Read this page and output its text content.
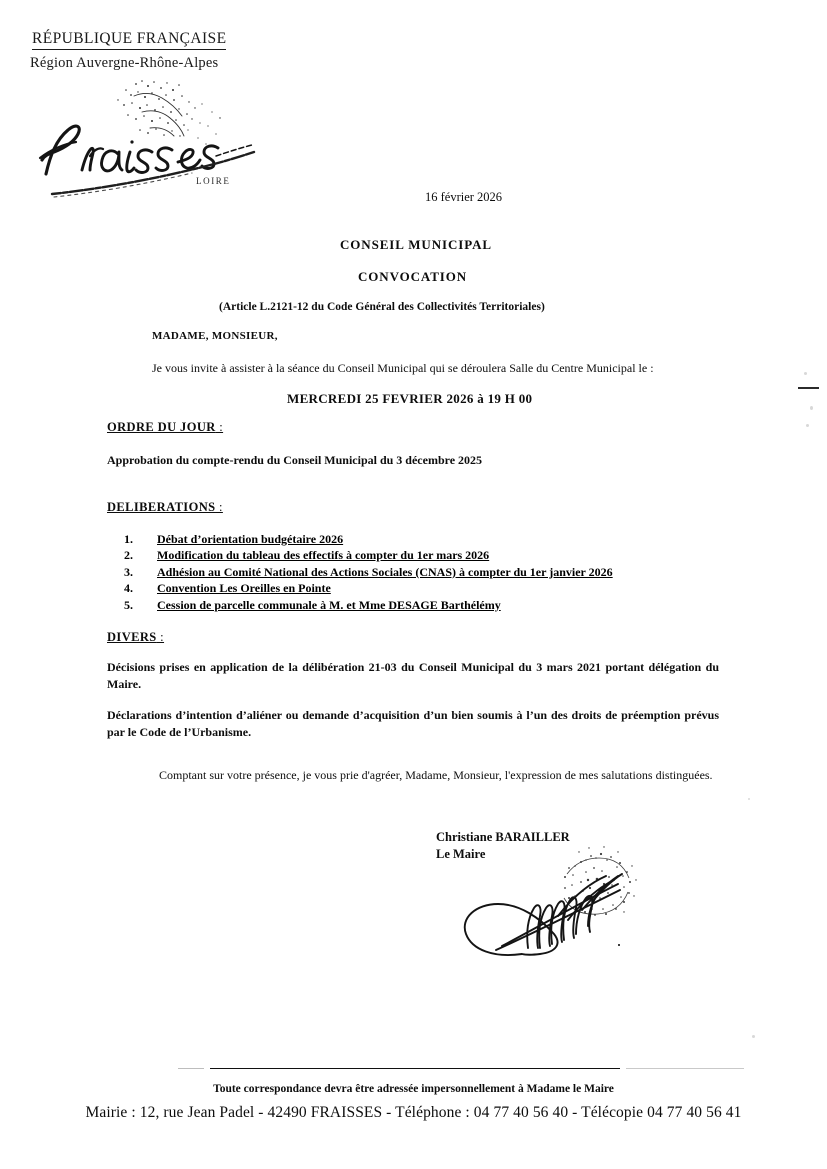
RÉPUBLIQUE FRANÇAISE
Région Auvergne-Rhône-Alpes
LOIRE
16 février 2026
CONSEIL MUNICIPAL
CONVOCATION
(Article L.2121-12 du Code Général des Collectivités Territoriales)
MADAME, MONSIEUR,
Je vous invite à assister à la séance du Conseil Municipal qui se déroulera Salle du Centre Municipal le :
MERCREDI 25 FEVRIER 2026 à 19 H 00
ORDRE DU JOUR :
Approbation du compte-rendu du Conseil Municipal du 3 décembre 2025
DELIBERATIONS :
1. Débat d’orientation budgétaire 2026
2. Modification du tableau des effectifs à compter du 1er mars 2026
3. Adhésion au Comité National des Actions Sociales (CNAS) à compter du 1er janvier 2026
4. Convention Les Oreilles en Pointe
5. Cession de parcelle communale à M. et Mme DESAGE Barthélémy
DIVERS :
Décisions prises en application de la délibération 21-03 du Conseil Municipal du 3 mars 2021 portant délégation du Maire.
Déclarations d’intention d’aliéner ou demande d’acquisition d’un bien soumis à l’un des droits de préemption prévus par le Code de l’Urbanisme.
Comptant sur votre présence, je vous prie d'agréer, Madame, Monsieur, l'expression de mes salutations distinguées.
Christiane BARAILLER
Le Maire
Toute correspondance devra être adressée impersonnellement à Madame le Maire
Mairie : 12, rue Jean Padel - 42490 FRAISSES - Téléphone : 04 77 40 56 40 - Télécopie 04 77 40 56 41
